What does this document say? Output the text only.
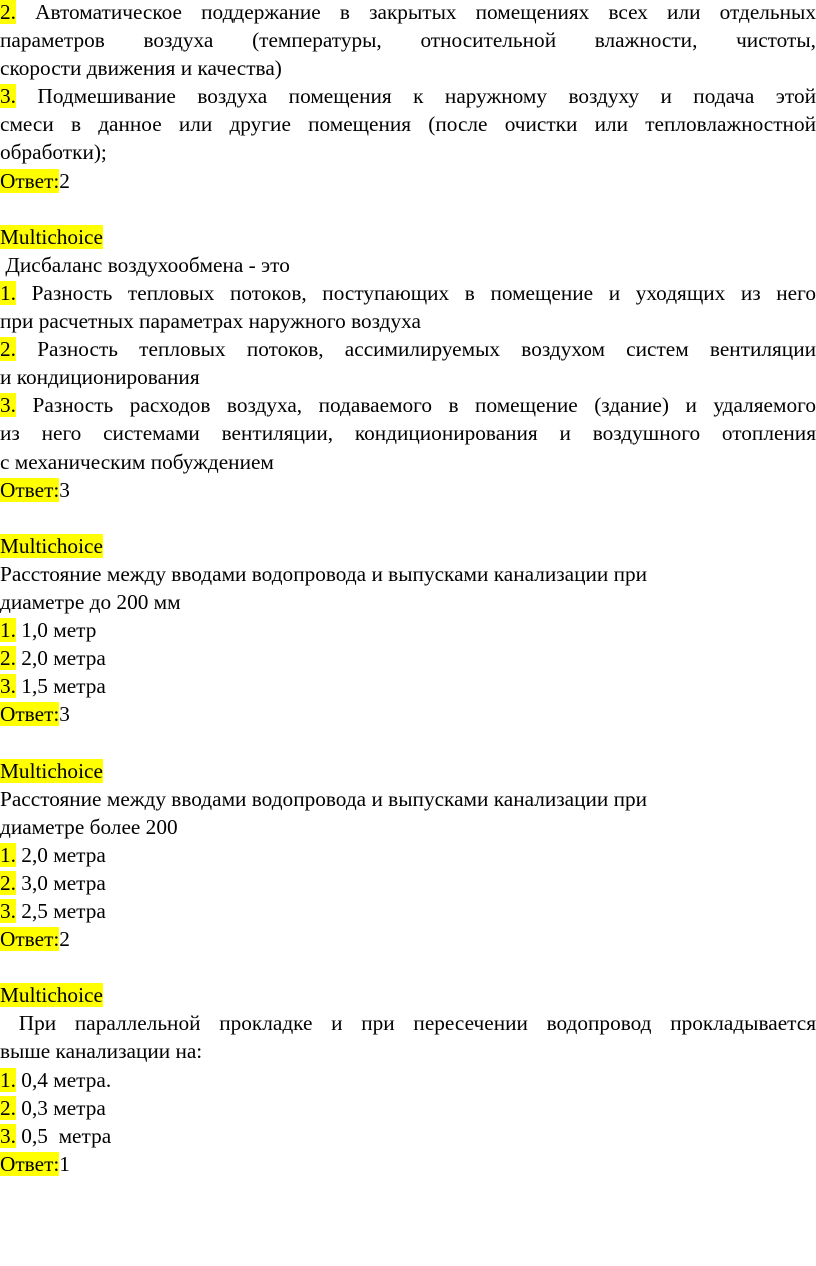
2. Автоматическое поддержание в закрытых помещениях всех или отдельных
параметров воздуха (температуры, относительной влажности, чистоты,
скорости движения и качества)
3. Подмешивание воздуха помещения к наружному воздуху и подача этой
смеси в данное или другие помещения (после очистки или тепловлажностной
обработки);
Ответ:2
Multichoice
Дисбаланс воздухообмена - это
1. Разность тепловых потоков, поступающих в помещение и уходящих из него
при расчетных параметрах наружного воздуха
2. Разность тепловых потоков, ассимилируемых воздухом систем вентиляции
и кондиционирования
3. Разность расходов воздуха, подаваемого в помещение (здание) и удаляемого
из него системами вентиляции, кондиционирования и воздушного отопления
с механическим побуждением
Ответ:3
Multichoice
Расстояние между вводами водопровода и выпусками канализации при
диаметре до 200 мм
1. 1,0 метр
2. 2,0 метра
3. 1,5 метра
Ответ:3
Multichoice
Расстояние между вводами водопровода и выпусками канализации при
диаметре более 200
1. 2,0 метра
2. 3,0 метра
3. 2,5 метра
Ответ:2
Multichoice
При параллельной прокладке и при пересечении водопровод прокладывается
выше канализации на:
1. 0,4 метра.
2. 0,3 метра
3. 0,5  метра
Ответ:1
